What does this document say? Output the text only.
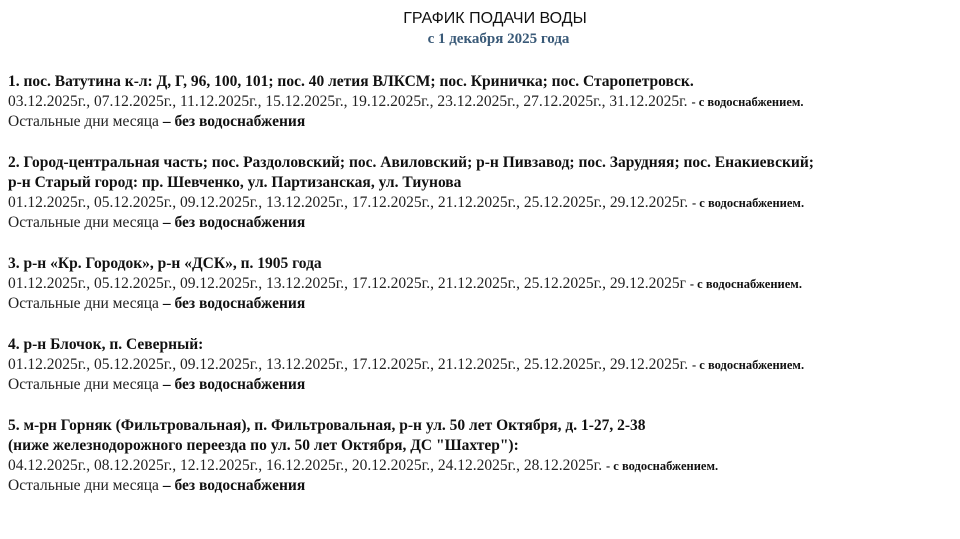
ГРАФИК ПОДАЧИ ВОДЫ
с 1 декабря 2025 года
1. пос. Ватутина к-л: Д, Г, 96, 100, 101; пос. 40 летия ВЛКСМ; пос. Криничка; пос. Старопетровск.
03.12.2025г., 07.12.2025г., 11.12.2025г., 15.12.2025г., 19.12.2025г., 23.12.2025г., 27.12.2025г., 31.12.2025г. - с водоснабжением.
Остальные дни месяца – без водоснабжения
2. Город-центральная часть; пос. Раздоловский; пос. Авиловский; р-н Пивзавод; пос. Зарудняя; пос. Енакиевский;
р-н Старый город: пр. Шевченко, ул. Партизанская, ул. Тиунова
01.12.2025г., 05.12.2025г., 09.12.2025г., 13.12.2025г., 17.12.2025г., 21.12.2025г., 25.12.2025г., 29.12.2025г. - с водоснабжением.
Остальные дни месяца – без водоснабжения
3. р-н «Кр. Городок», р-н «ДСК», п. 1905 года
01.12.2025г., 05.12.2025г., 09.12.2025г., 13.12.2025г., 17.12.2025г., 21.12.2025г., 25.12.2025г., 29.12.2025г - с водоснабжением.
Остальные дни месяца – без водоснабжения
4. р-н Блочок, п. Северный:
01.12.2025г., 05.12.2025г., 09.12.2025г., 13.12.2025г., 17.12.2025г., 21.12.2025г., 25.12.2025г., 29.12.2025г. - с водоснабжением.
Остальные дни месяца – без водоснабжения
5. м-рн Горняк (Фильтровальная), п. Фильтровальная, р-н ул. 50 лет Октября, д. 1-27, 2-38
(ниже железнодорожного переезда по ул. 50 лет Октября, ДС "Шахтер"):
04.12.2025г., 08.12.2025г., 12.12.2025г., 16.12.2025г., 20.12.2025г., 24.12.2025г., 28.12.2025г. - с водоснабжением.
Остальные дни месяца – без водоснабжения
